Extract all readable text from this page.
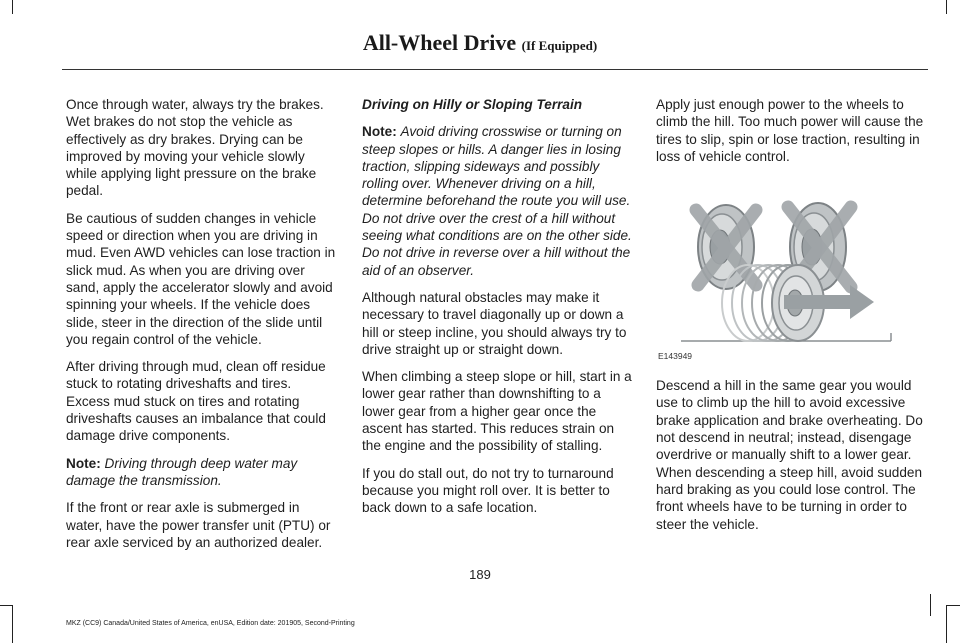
All-Wheel Drive (If Equipped)

Once through water, always try the brakes. Wet brakes do not stop the vehicle as effectively as dry brakes. Drying can be improved by moving your vehicle slowly while applying light pressure on the brake pedal.

Be cautious of sudden changes in vehicle speed or direction when you are driving in mud. Even AWD vehicles can lose traction in slick mud. As when you are driving over sand, apply the accelerator slowly and avoid spinning your wheels. If the vehicle does slide, steer in the direction of the slide until you regain control of the vehicle.

After driving through mud, clean off residue stuck to rotating driveshafts and tires. Excess mud stuck on tires and rotating driveshafts causes an imbalance that could damage drive components.

Note: Driving through deep water may damage the transmission.

If the front or rear axle is submerged in water, have the power transfer unit (PTU) or rear axle serviced by an authorized dealer.

Driving on Hilly or Sloping Terrain

Note: Avoid driving crosswise or turning on steep slopes or hills. A danger lies in losing traction, slipping sideways and possibly rolling over. Whenever driving on a hill, determine beforehand the route you will use. Do not drive over the crest of a hill without seeing what conditions are on the other side. Do not drive in reverse over a hill without the aid of an observer.

Although natural obstacles may make it necessary to travel diagonally up or down a hill or steep incline, you should always try to drive straight up or straight down.

When climbing a steep slope or hill, start in a lower gear rather than downshifting to a lower gear from a higher gear once the ascent has started. This reduces strain on the engine and the possibility of stalling.

If you do stall out, do not try to turnaround because you might roll over. It is better to back down to a safe location.

Apply just enough power to the wheels to climb the hill. Too much power will cause the tires to slip, spin or lose traction, resulting in loss of vehicle control.

E143949

Descend a hill in the same gear you would use to climb up the hill to avoid excessive brake application and brake overheating. Do not descend in neutral; instead, disengage overdrive or manually shift to a lower gear. When descending a steep hill, avoid sudden hard braking as you could lose control. The front wheels have to be turning in order to steer the vehicle.

189
MKZ (CC9) Canada/United States of America, enUSA, Edition date: 201905, Second-Printing
